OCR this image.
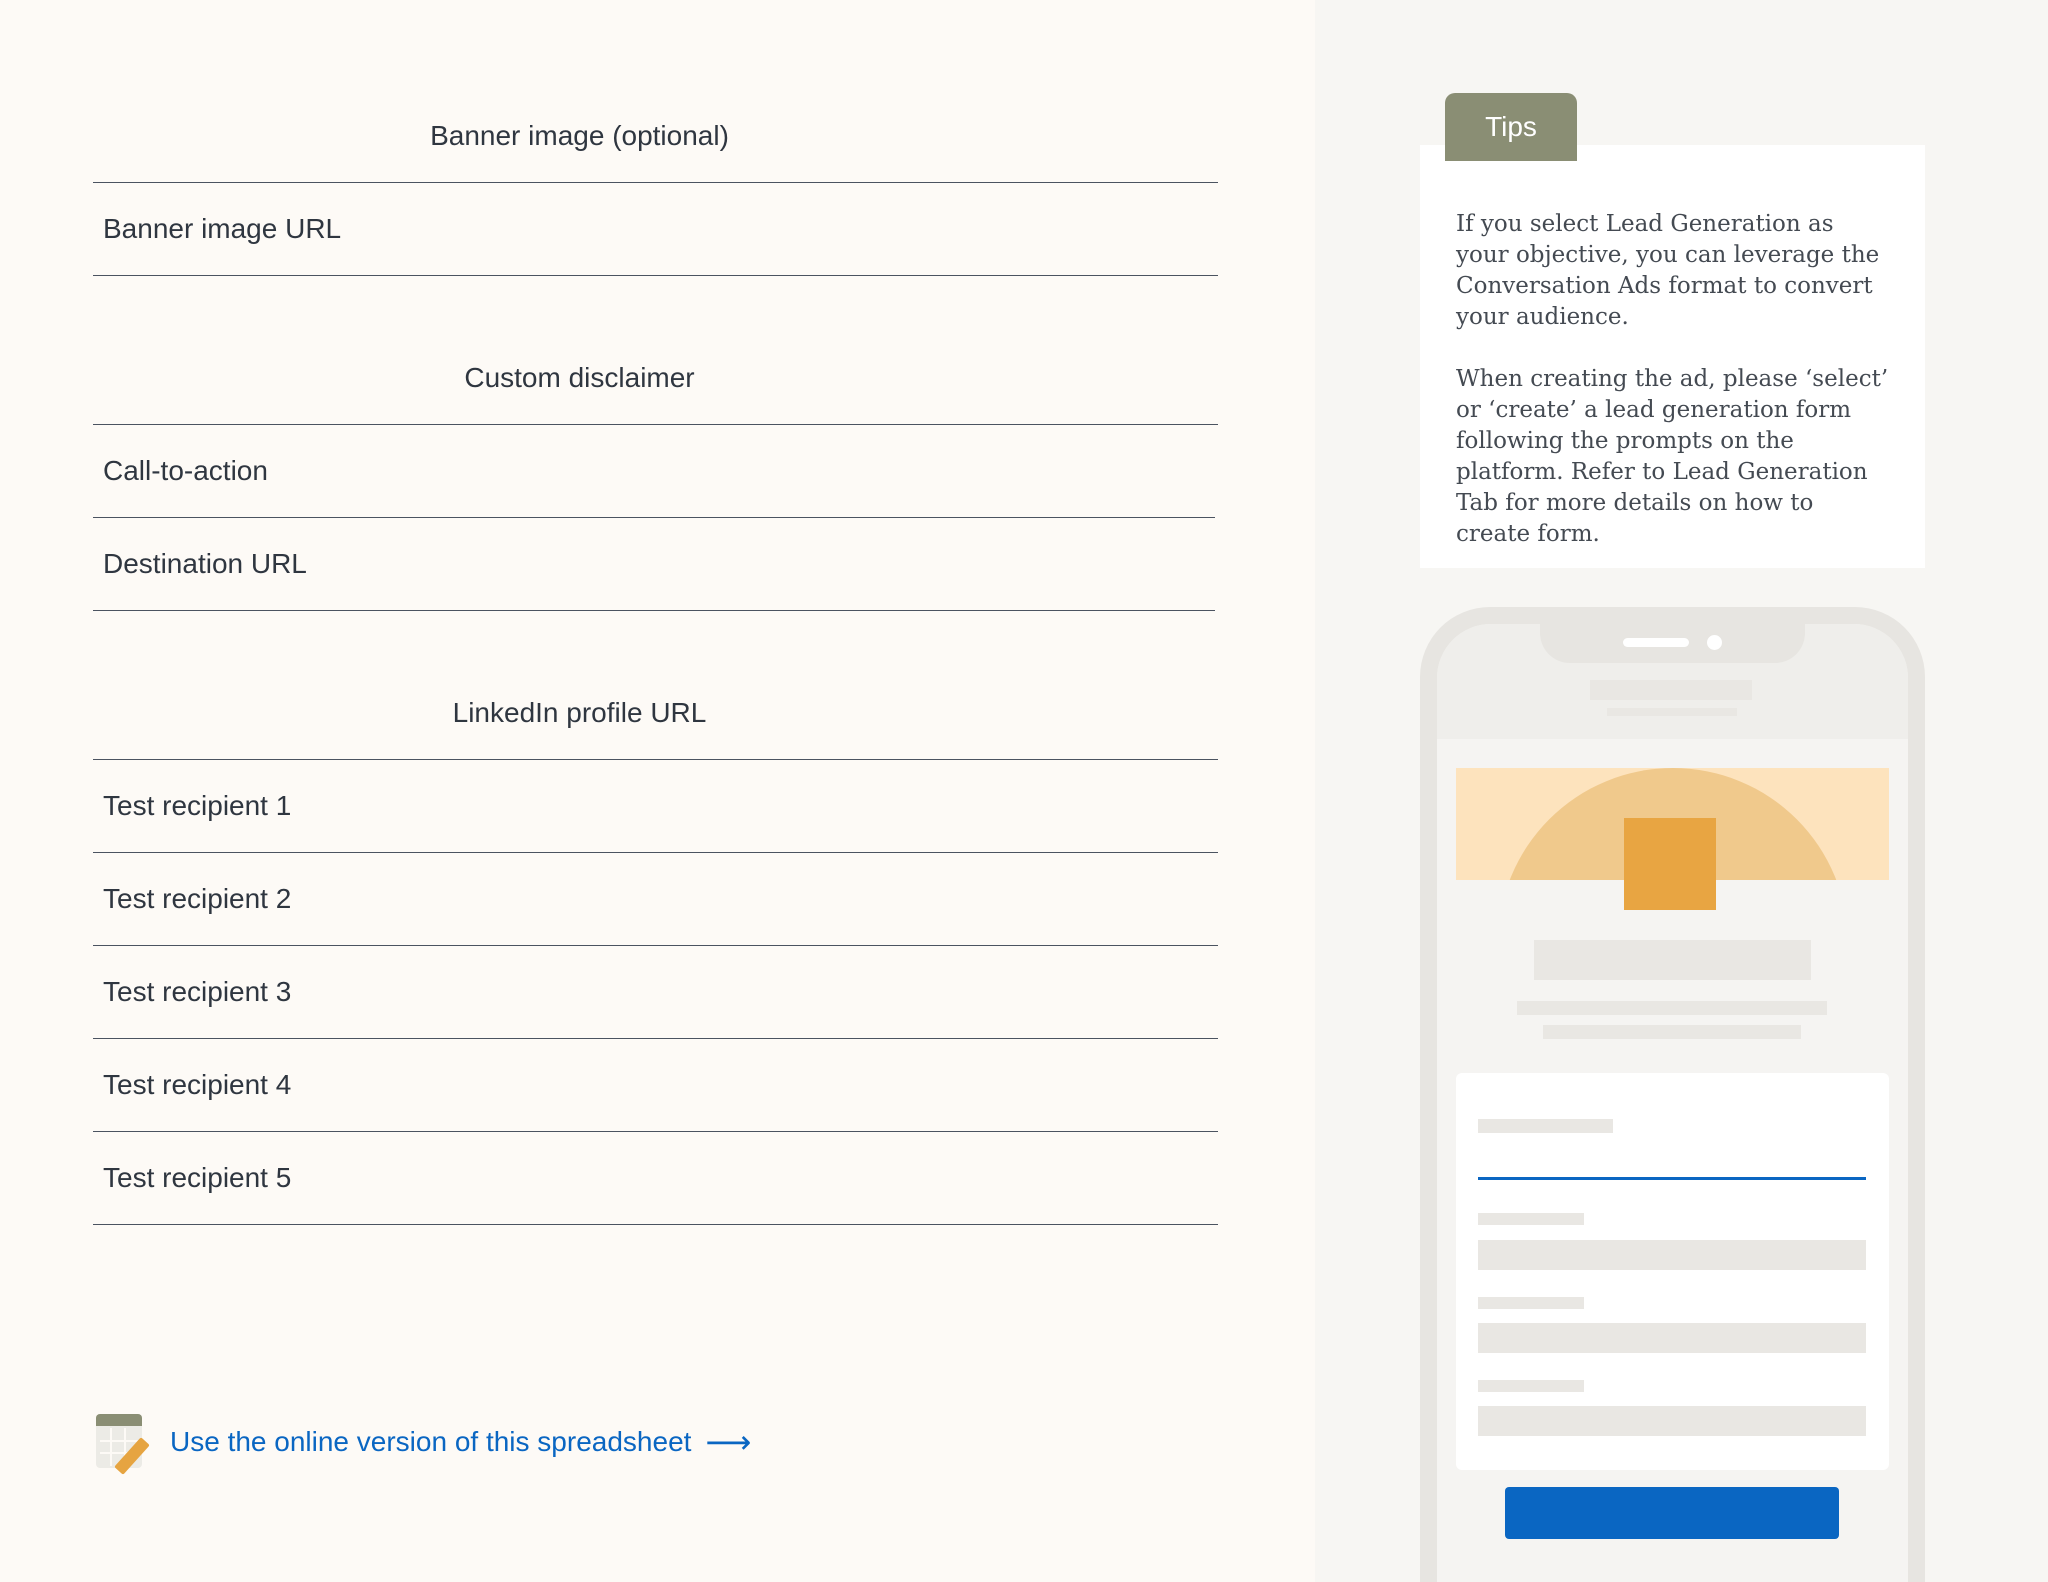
Banner image (optional)
Banner image URL
Custom disclaimer
Call-to-action
Destination URL
LinkedIn profile URL
Test recipient 1
Test recipient 2
Test recipient 3
Test recipient 4
Test recipient 5
Use the online version of this spreadsheet ⟶

If you select Lead Generation as your objective, you can leverage the Conversation Ads format to convert your audience.

When creating the ad, please ‘select’ or ‘create’ a lead generation form following the prompts on the platform. Refer to Lead Generation Tab for more details on how to create form.

Tips
